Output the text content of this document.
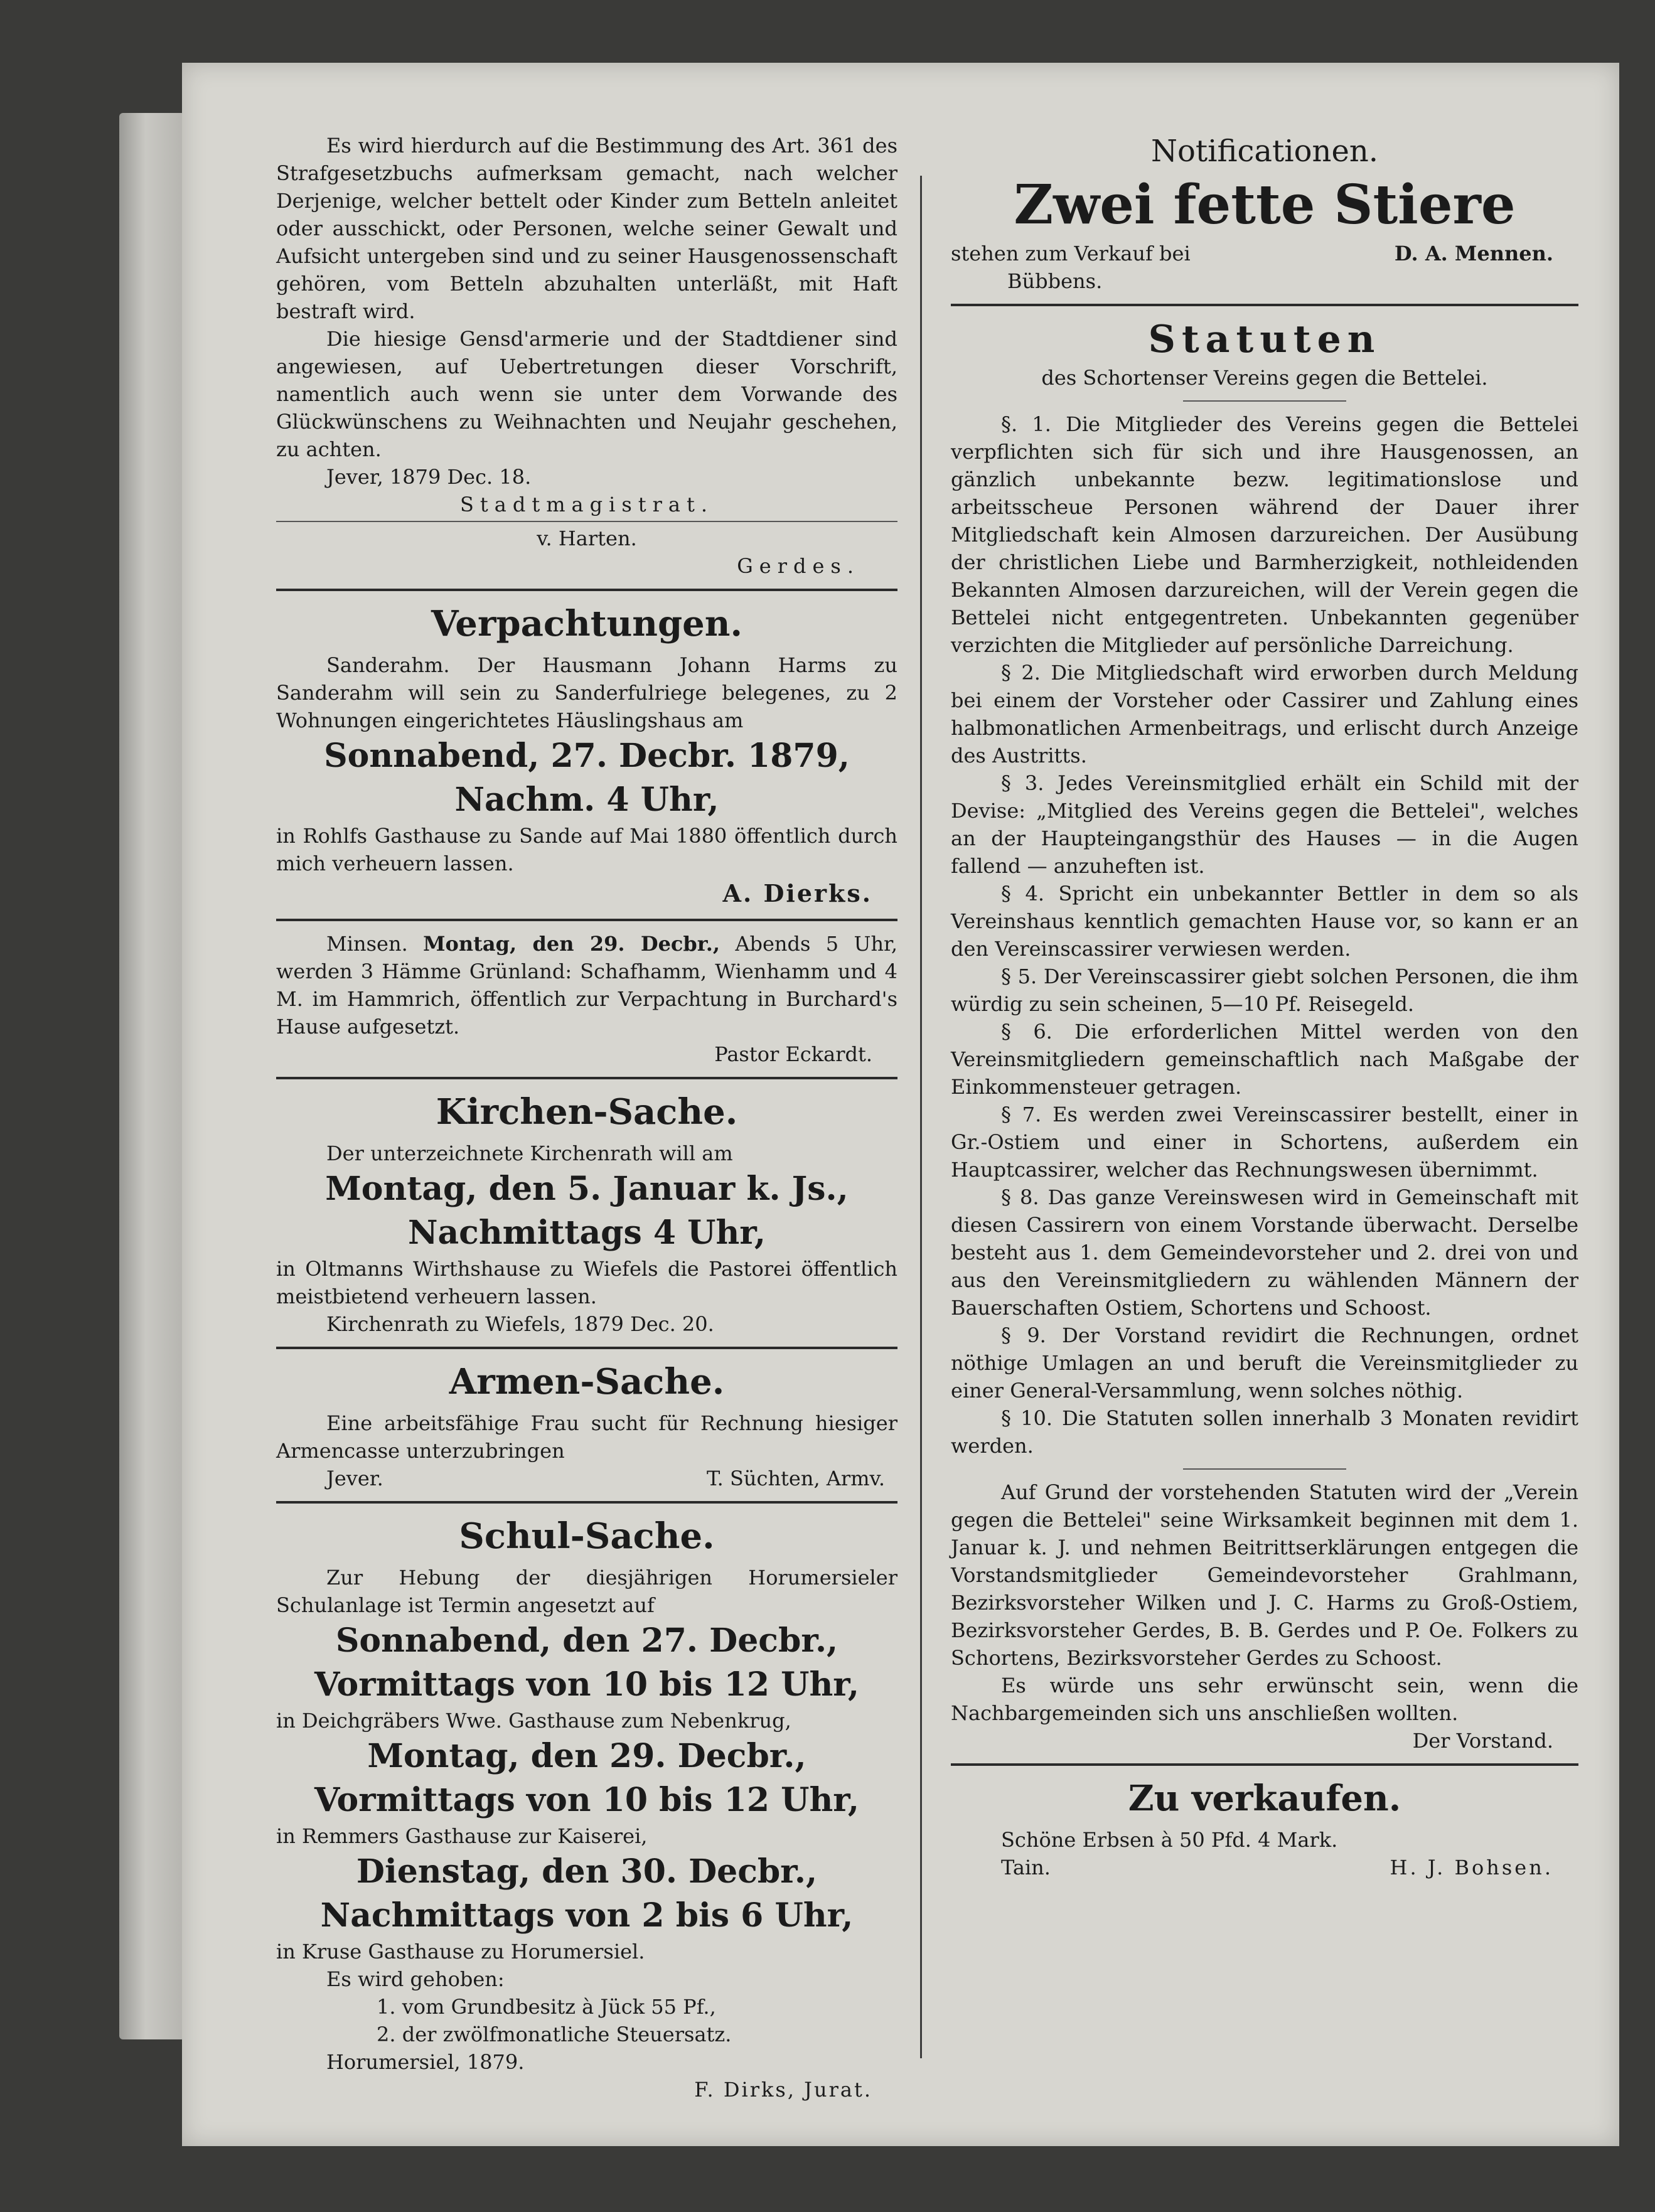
Es wird hierdurch auf die Bestimmung des Art. 361 des Strafgesetzbuchs aufmerksam gemacht, nach welcher Derjenige, welcher bettelt oder Kinder zum Betteln anleitet oder ausschickt, oder Personen, welche seiner Gewalt und Aufsicht untergeben sind und zu seiner Hausgenossenschaft gehören, vom Betteln abzuhalten unterläßt, mit Haft bestraft wird.

Die hiesige Gensd'armerie und der Stadtdiener sind angewiesen, auf Uebertretungen dieser Vorschrift, namentlich auch wenn sie unter dem Vorwande des Glückwünschens zu Weihnachten und Neujahr geschehen, zu achten.

Jever, 1879 Dec. 18.

Stadtmagistrat.

v. Harten.

Gerdes.

Verpachtungen.

Sanderahm. Der Hausmann Johann Harms zu Sanderahm will sein zu Sanderfulriege belegenes, zu 2 Wohnungen eingerichtetes Häuslingshaus am

Sonnabend, 27. Decbr. 1879,
Nachm. 4 Uhr,

in Rohlfs Gasthause zu Sande auf Mai 1880 öffentlich durch mich verheuern lassen.

A. Dierks.

Minsen. Montag, den 29. Decbr., Abends 5 Uhr, werden 3 Hämme Grünland: Schafhamm, Wienhamm und 4 M. im Hammrich, öffentlich zur Verpachtung in Burchard's Hause aufgesetzt.

Pastor Eckardt.

Kirchen-Sache.

Der unterzeichnete Kirchenrath will am

Montag, den 5. Januar k. Js.,
Nachmittags 4 Uhr,

in Oltmanns Wirthshause zu Wiefels die Pastorei öffentlich meistbietend verheuern lassen.

Kirchenrath zu Wiefels, 1879 Dec. 20.

Armen-Sache.

Eine arbeitsfähige Frau sucht für Rechnung hiesiger Armencasse unterzubringen

Jever.	T. Süchten, Armv.

Schul-Sache.

Zur Hebung der diesjährigen Horumersieler Schulanlage ist Termin angesetzt auf

Sonnabend, den 27. Decbr.,
Vormittags von 10 bis 12 Uhr,

in Deichgräbers Wwe. Gasthause zum Nebenkrug,

Montag, den 29. Decbr.,
Vormittags von 10 bis 12 Uhr,

in Remmers Gasthause zur Kaiserei,

Dienstag, den 30. Decbr.,
Nachmittags von 2 bis 6 Uhr,

in Kruse Gasthause zu Horumersiel.

Es wird gehoben:

1. vom Grundbesitz à Jück 55 Pf.,

2. der zwölfmonatliche Steuersatz.

Horumersiel, 1879.

F. Dirks, Jurat.

Notificationen.
Zwei fette Stiere

stehen zum Verkauf bei	D. A. Mennen.

Bübbens.

Statuten

des Schortenser Vereins gegen die Bettelei.

§. 1. Die Mitglieder des Vereins gegen die Bettelei verpflichten sich für sich und ihre Hausgenossen, an gänzlich unbekannte bezw. legitimationslose und arbeitsscheue Personen während der Dauer ihrer Mitgliedschaft kein Almosen darzureichen. Der Ausübung der christlichen Liebe und Barmherzigkeit, nothleidenden Bekannten Almosen darzureichen, will der Verein gegen die Bettelei nicht entgegentreten. Unbekannten gegenüber verzichten die Mitglieder auf persönliche Darreichung.

§ 2. Die Mitgliedschaft wird erworben durch Meldung bei einem der Vorsteher oder Cassirer und Zahlung eines halbmonatlichen Armenbeitrags, und erlischt durch Anzeige des Austritts.

§ 3. Jedes Vereinsmitglied erhält ein Schild mit der Devise: „Mitglied des Vereins gegen die Bettelei", welches an der Haupteingangsthür des Hauses — in die Augen fallend — anzuheften ist.

§ 4. Spricht ein unbekannter Bettler in dem so als Vereinshaus kenntlich gemachten Hause vor, so kann er an den Vereinscassirer verwiesen werden.

§ 5. Der Vereinscassirer giebt solchen Personen, die ihm würdig zu sein scheinen, 5—10 Pf. Reisegeld.

§ 6. Die erforderlichen Mittel werden von den Vereinsmitgliedern gemeinschaftlich nach Maßgabe der Einkommensteuer getragen.

§ 7. Es werden zwei Vereinscassirer bestellt, einer in Gr.-Ostiem und einer in Schortens, außerdem ein Hauptcassirer, welcher das Rechnungswesen übernimmt.

§ 8. Das ganze Vereinswesen wird in Gemeinschaft mit diesen Cassirern von einem Vorstande überwacht. Derselbe besteht aus 1. dem Gemeindevorsteher und 2. drei von und aus den Vereinsmitgliedern zu wählenden Männern der Bauerschaften Ostiem, Schortens und Schoost.

§ 9. Der Vorstand revidirt die Rechnungen, ordnet nöthige Umlagen an und beruft die Vereinsmitglieder zu einer General-Versammlung, wenn solches nöthig.

§ 10. Die Statuten sollen innerhalb 3 Monaten revidirt werden.

Auf Grund der vorstehenden Statuten wird der „Verein gegen die Bettelei" seine Wirksamkeit beginnen mit dem 1. Januar k. J. und nehmen Beitrittserklärungen entgegen die Vorstandsmitglieder Gemeindevorsteher Grahlmann, Bezirksvorsteher Wilken und J. C. Harms zu Groß-Ostiem, Bezirksvorsteher Gerdes, B. B. Gerdes und P. Oe. Folkers zu Schortens, Bezirksvorsteher Gerdes zu Schoost.

Es würde uns sehr erwünscht sein, wenn die Nachbargemeinden sich uns anschließen wollten.

Der Vorstand.

Zu verkaufen.

Schöne Erbsen à 50 Pfd. 4 Mark.

Tain.	H. J. Bohsen.
